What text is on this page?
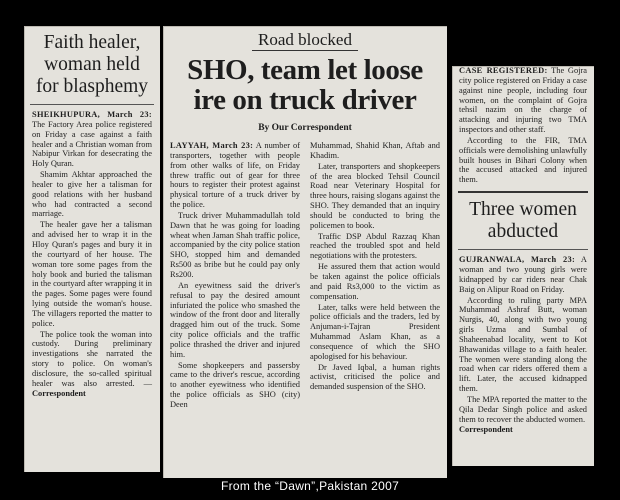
Faith healer, woman held for blasphemy

SHEIKHUPURA, March 23: The Factory Area police registered on Friday a case against a faith healer and a Christian woman from Nabipur Virkan for desecrating the Holy Quran.

Shamim Akhtar approached the healer to give her a talisman for good relations with her husband who had contracted a second marriage.

The healer gave her a talisman and advised her to wrap it in the Hloy Quran's pages and bury it in the courtyard of her house. The woman tore some pages from the holy book and buried the talisman in the courtyard after wrapping it in the pages. Some pages were found lying outside the woman's house. The villagers reported the matter to police.

The police took the woman into custody. During preliminary investigations she narrated the story to police. On woman's disclosure, the so-called spiritual healer was also arrested. — Correspondent

Road blocked
SHO, team let loose ire on truck driver
By Our Correspondent

LAYYAH, March 23: A number of transporters, together with people from other walks of life, on Friday threw traffic out of gear for three hours to register their protest against physical torture of a truck driver by the police.

Truck driver Muhammadullah told Dawn that he was going for loading wheat when Jaman Shah traffic police, accompanied by the city police station SHO, stopped him and demanded Rs500 as bribe but he could pay only Rs200.

An eyewitness said the driver's refusal to pay the desired amount infuriated the police who smashed the window of the front door and literally dragged him out of the truck. Some city police officials and the traffic police thrashed the driver and injured him.

Some shopkeepers and passersby came to the driver's rescue, according to another eyewitness who identified the police officials as SHO (city) Deen

Muhammad, Shahid Khan, Aftab and Khadim.

Later, transporters and shopkeepers of the area blocked Tehsil Council Road near Veterinary Hospital for three hours, raising slogans against the SHO. They demanded that an inquiry should be conducted to bring the policemen to book.

Traffic DSP Abdul Razzaq Khan reached the troubled spot and held negotiations with the protesters.

He assured them that action would be taken against the police officials and paid Rs3,000 to the victim as compensation.

Later, talks were held between the police officials and the traders, led by Anjuman-i-Tajran President Muhammad Aslam Khan, as a consequence of which the SHO apologised for his behaviour.

Dr Javed Iqbal, a human rights activist, criticised the police and demanded suspension of the SHO.

CASE REGISTERED: The Gojra city police registered on Friday a case against nine people, including four women, on the complaint of Gojra tehsil nazim on the charge of attacking and injuring two TMA inspectors and other staff.

According to the FIR, TMA officials were demolishing unlawfully built houses in Bihari Colony when the accused attacked and injured them.

Three women abducted

GUJRANWALA, March 23: A woman and two young girls were kidnapped by car riders near Chak Baig on Alipur Road on Friday.

According to ruling party MPA Muhammad Ashraf Butt, woman Nurgis, 40, along with two young girls Uzma and Sumbal of Shaheenabad locality, went to Kot Bhawanidas village to a faith healer. The women were standing along the road when car riders offered them a lift. Later, the accused kidnapped them.

The MPA reported the matter to the Qila Dedar Singh police and asked them to recover the abducted women.

Correspondent

From the “Dawn”,Pakistan 2007
